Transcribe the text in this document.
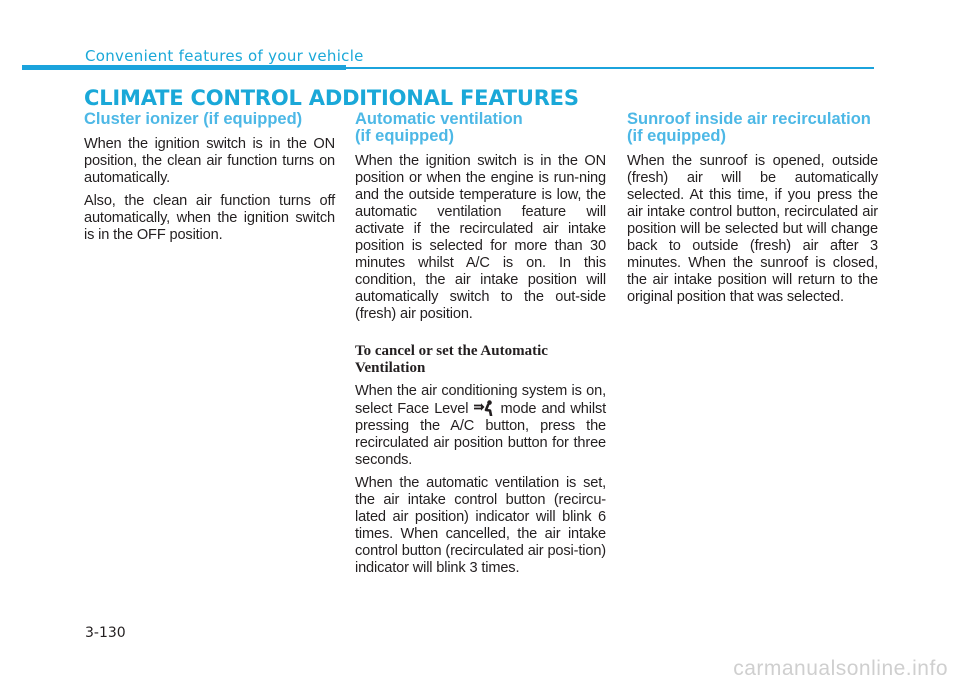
Convenient features of your vehicle
CLIMATE CONTROL ADDITIONAL FEATURES
Cluster ionizer (if equipped)

When the ignition switch is in the ON position, the clean air function turns on automatically.

Also, the clean air function turns off automatically, when the ignition switch is in the OFF position.

Automatic ventilation
(if equipped)

When the ignition switch is in the ON position or when the engine is run-ning and the outside temperature is low, the automatic ventilation feature will activate if the recirculated air intake position is selected for more than 30 minutes whilst A/C is on. In this condition, the air intake position will automatically switch to the out-side (fresh) air position.

To cancel or set the Automatic
Ventilation

When the air conditioning system is on, select Face Level  mode and whilst pressing the A/C button, press the recirculated air position button for three seconds.

When the automatic ventilation is set, the air intake control button (recircu-lated air position) indicator will blink 6 times. When cancelled, the air intake control button (recirculated air posi-tion) indicator will blink 3 times.

Sunroof inside air recirculation
(if equipped)

When the sunroof is opened, outside (fresh) air will be automatically selected. At this time, if you press the air intake control button, recirculated air position will be selected but will change back to outside (fresh) air after 3 minutes. When the sunroof is closed, the air intake position will return to the original position that was selected.

3-130
carmanualsonline.info
